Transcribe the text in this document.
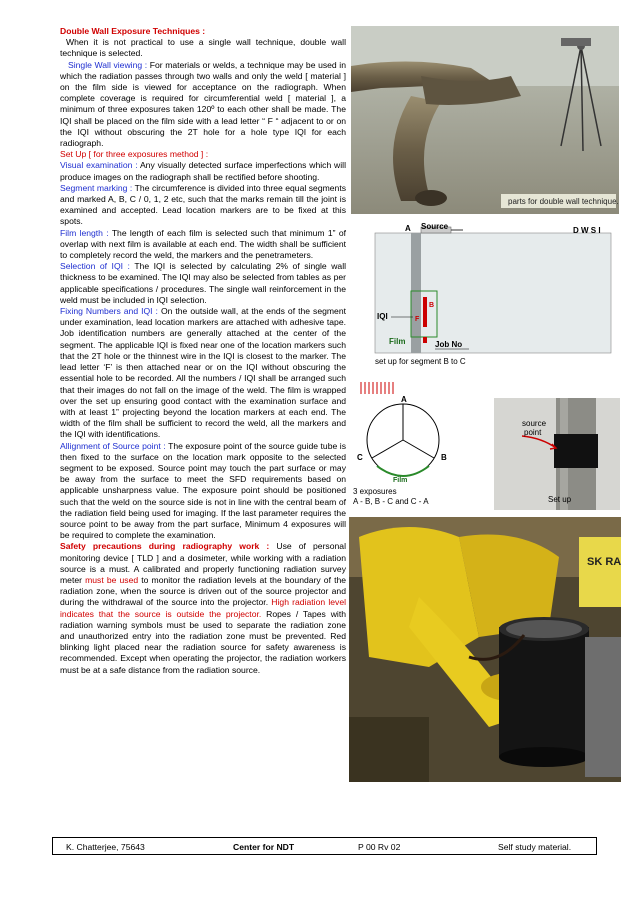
Double Wall Exposure Techniques :

When it is not practical to use a single wall technique, double wall technique is selected.

Single Wall viewing : For materials or welds, a technique may be used in which the radiation passes through two walls and only the weld [ material ] on the film side is viewed for acceptance on the radiograph. When complete coverage is required for circumferential weld [ material ], a minimum of three exposures taken 120º to each other shall be made. The IQI shall be placed on the film side with a lead letter “ F “ adjacent to or on the IQI without obscuring the 2T hole for a hole type IQI for each radiograph.

Set Up [ for three exposures method ] :

Visual examination : Any visually detected surface imperfections which will produce images on the radiograph shall be rectified before shooting.

Segment marking : The circumference is divided into three equal segments and marked A, B, C / 0, 1, 2 etc, such that the marks remain till the joint is examined and accepted. Lead location markers are to be fixed at this spots.

Film length : The length of each film is selected such that minimum 1” of overlap with next film is available at each end. The width shall be sufficient to completely record the weld, the markers and the penetrameters.

Selection of IQI : The IQI is selected by calculating 2% of single wall thickness to be examined. The IQI may also be selected from tables as per applicable specifications / procedures. The single wall reinforcement in the weld must be included in IQI selection.

Fixing Numbers and IQI : On the outside wall, at the ends of the segment under examination, lead location markers are attached with adhesive tape. Job identification numbers are generally attached at the center of the segment. The applicable IQI is fixed near one of the location markers such that the 2T hole or the thinnest wire in the IQI is closest to the marker. The lead letter ‘F’ is then attached near or on the IQI without obscuring the essential hole to be recorded. All the numbers / IQI shall be arranged such that their images do not fall on the image of the weld. The film is wrapped over the set up ensuring good contact with the examination surface and with at least 1” projecting beyond the location markers at each end. The width of the film shall be sufficient to record the weld, all the markers and the IQI with identifications.

Allignment of Source point : The exposure point of the source guide tube is then fixed to the surface on the location mark opposite to the selected segment to be exposed. Source point may touch the part surface or may be away from the surface to meet the SFD requirements based on applicable unsharpness value. The exposure point should be positioned such that the weld on the source side is not in line with the central beam of the radiation field being used for imaging. If the last parameter requires the source point to be away from the part surface, Minimum 4 exposures will be required to complete the examination.

Safety precautions during radiography work : Use of personal monitoring device [ TLD ] and a dosimeter, while working with a radiation source is a must. A calibrated and properly functioning radiation survey meter must be used to monitor the radiation levels at the boundary of the radiation zone, when the source is driven out of the source projector and during the withdrawal of the source into the projector. High radiation level indicates that the source is outside the projector. Ropes / Tapes with radiation warning symbols must be used to separate the radiation zone and unauthorized entry into the radiation zone must be prevented. Red blinking light placed near the radiation source for safety awareness is recommended. Except when operating the projector, the radiation workers must be at a safe distance from the radiation source.

parts for double wall technique.
Source
A	D W S I
IQI	F
B
Film	Job No
set up for segment B to C
A
B
C
Film
3 exposures
A - B, B - C and C - A
source
point
Set up
SK RA
K. Chatterjee, 75643	Center for NDT	P 00 Rv 02	Self study material.
